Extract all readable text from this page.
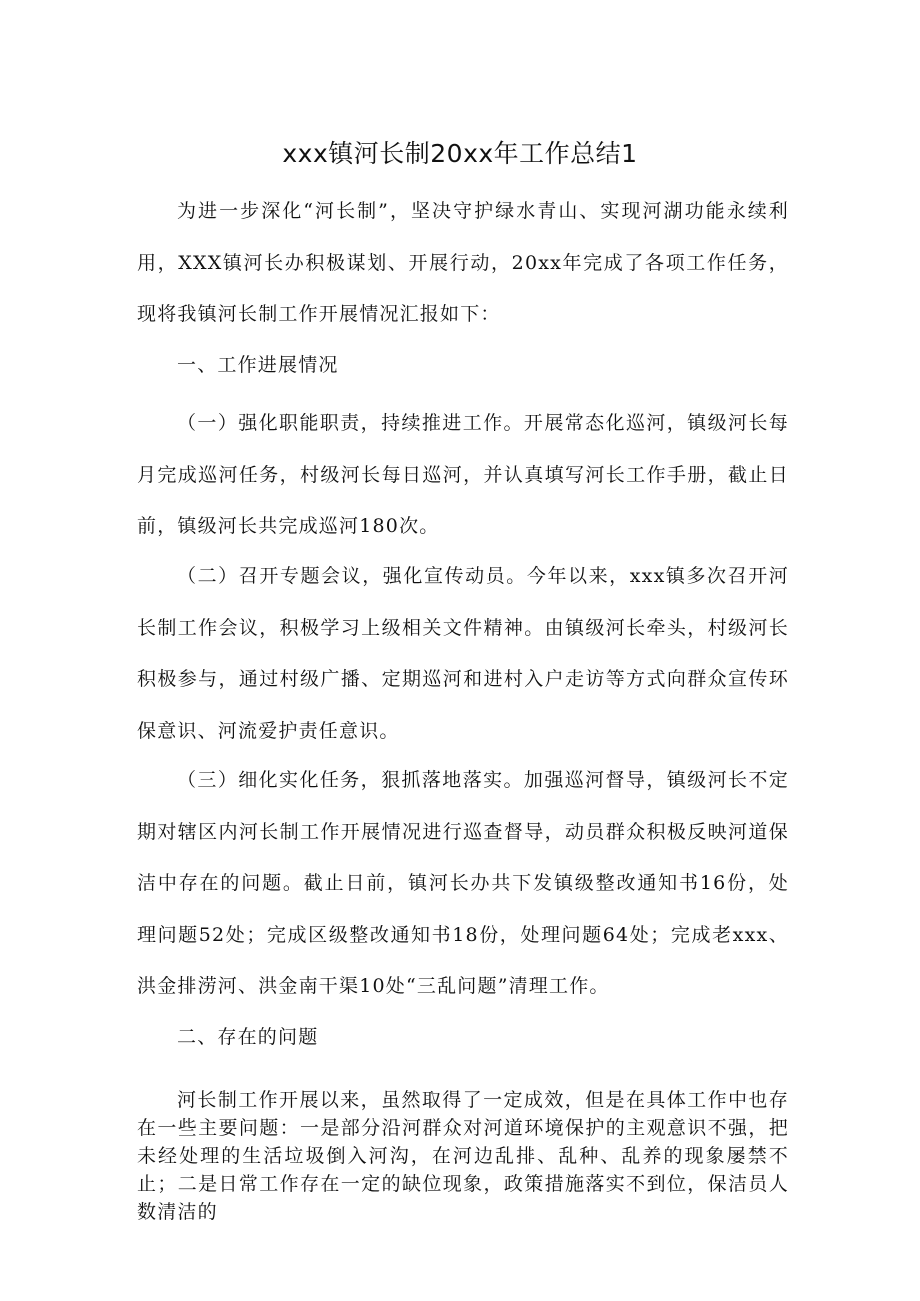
xxx镇河长制20xx年工作总结1

为进一步深化“河长制”，坚决守护绿水青山、实现河湖功能永续利用，XXX镇河长办积极谋划、开展行动，20xx年完成了各项工作任务，现将我镇河长制工作开展情况汇报如下：

一、工作进展情况

（一）强化职能职责，持续推进工作。开展常态化巡河，镇级河长每月完成巡河任务，村级河长每日巡河，并认真填写河长工作手册，截止日前，镇级河长共完成巡河180次。

（二）召开专题会议，强化宣传动员。今年以来，xxx镇多次召开河长制工作会议，积极学习上级相关文件精神。由镇级河长牵头，村级河长积极参与，通过村级广播、定期巡河和进村入户走访等方式向群众宣传环保意识、河流爱护责任意识。

（三）细化实化任务，狠抓落地落实。加强巡河督导，镇级河长不定期对辖区内河长制工作开展情况进行巡查督导，动员群众积极反映河道保洁中存在的问题。截止日前，镇河长办共下发镇级整改通知书16份，处理问题52处；完成区级整改通知书18份，处理问题64处；完成老xxx、洪金排涝河、洪金南干渠10处“三乱问题”清理工作。

二、存在的问题

河长制工作开展以来，虽然取得了一定成效，但是在具体工作中也存在一些主要问题：一是部分沿河群众对河道环境保护的主观意识不强，把未经处理的生活垃圾倒入河沟，在河边乱排、乱种、乱养的现象屡禁不止；二是日常工作存在一定的缺位现象，政策措施落实不到位，保洁员人数清洁的
